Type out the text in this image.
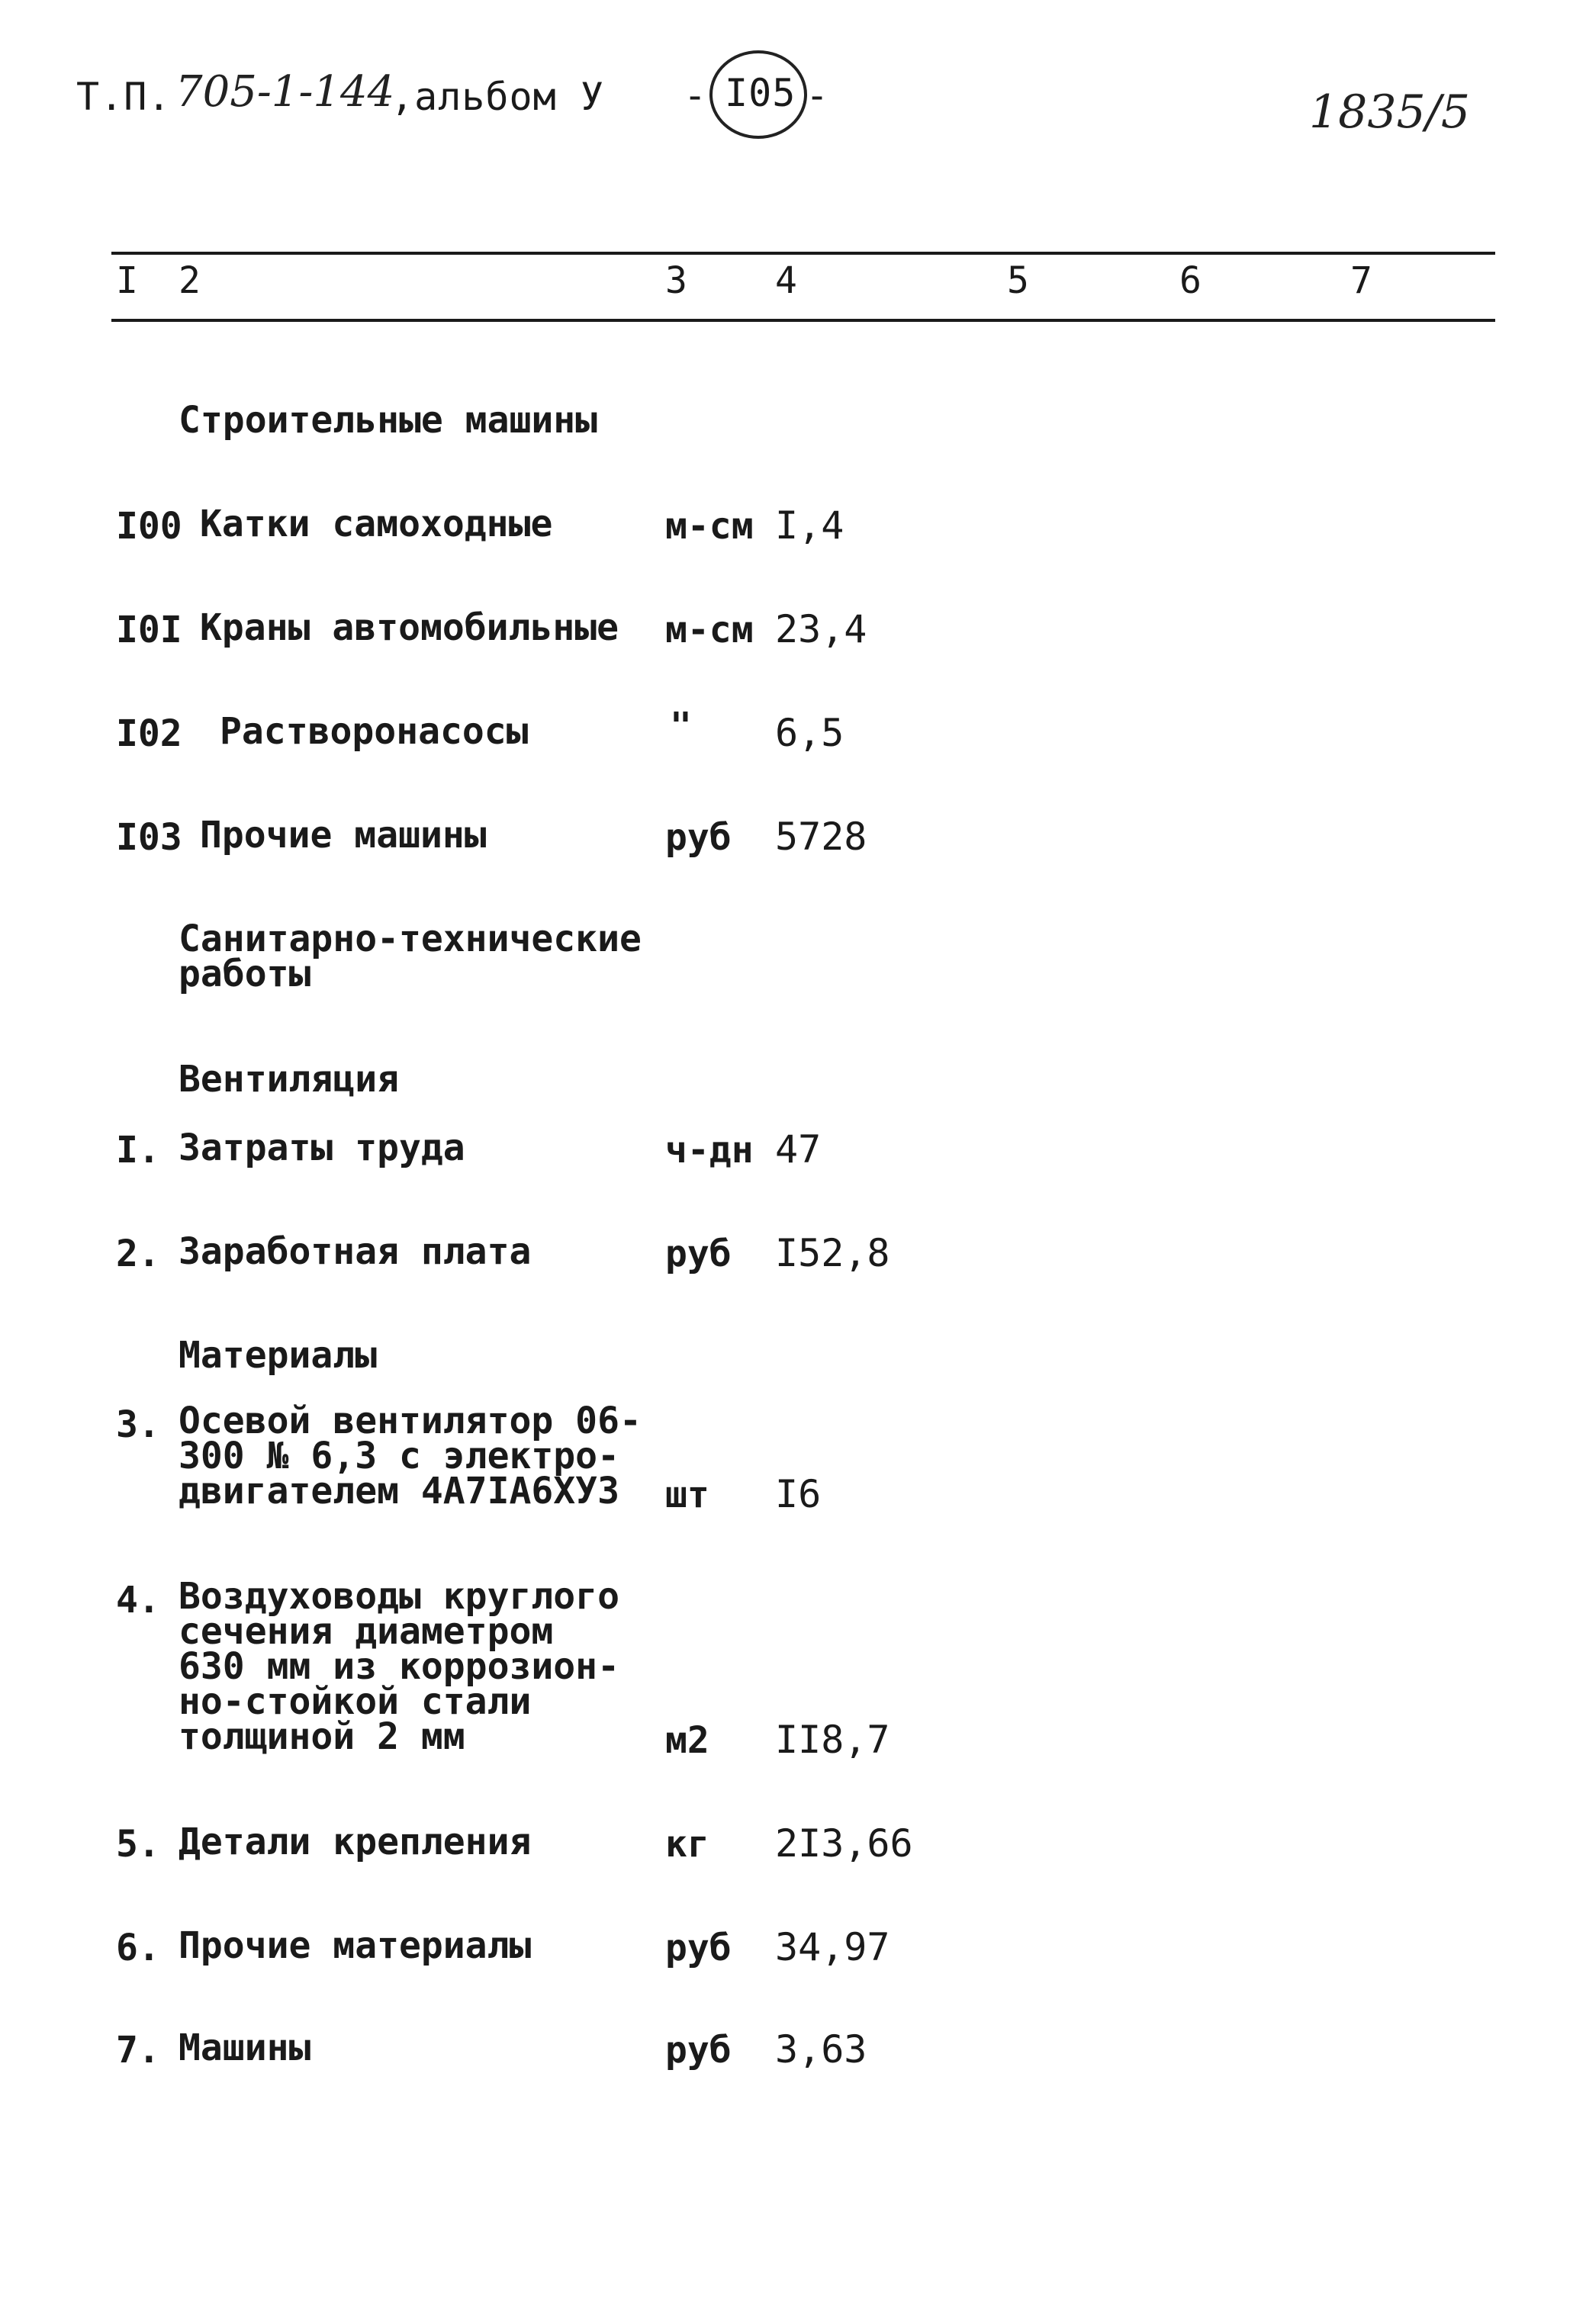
Т.П. 705-1-144
,альбом У - I05 -	1835/5
I 2	3 4	5	6	7
Строительные машины
I00 Катки самоходные	м-см I,4
I0I Краны автомобильные м-см 23,4
I02 Растворонасосы	" 6,5
I03 Прочие машины	руб 5728
Санитарно-технические
работы
Вентиляция
I. Затраты труда	ч-дн 47
2. Заработная плата	руб I52,8
Материалы
3. Осевой вентилятор 06-
300 № 6,3 с электро-
двигателем 4А7IА6ХУЗ	шт I6
4. Воздуховоды круглого
сечения диаметром
630 мм из коррозион-
но-стойкой стали
толщиной 2 мм	м2 II8,7
5. Детали крепления	кг 2I3,66
6. Прочие материалы	руб 34,97
7. Машины	руб 3,63
